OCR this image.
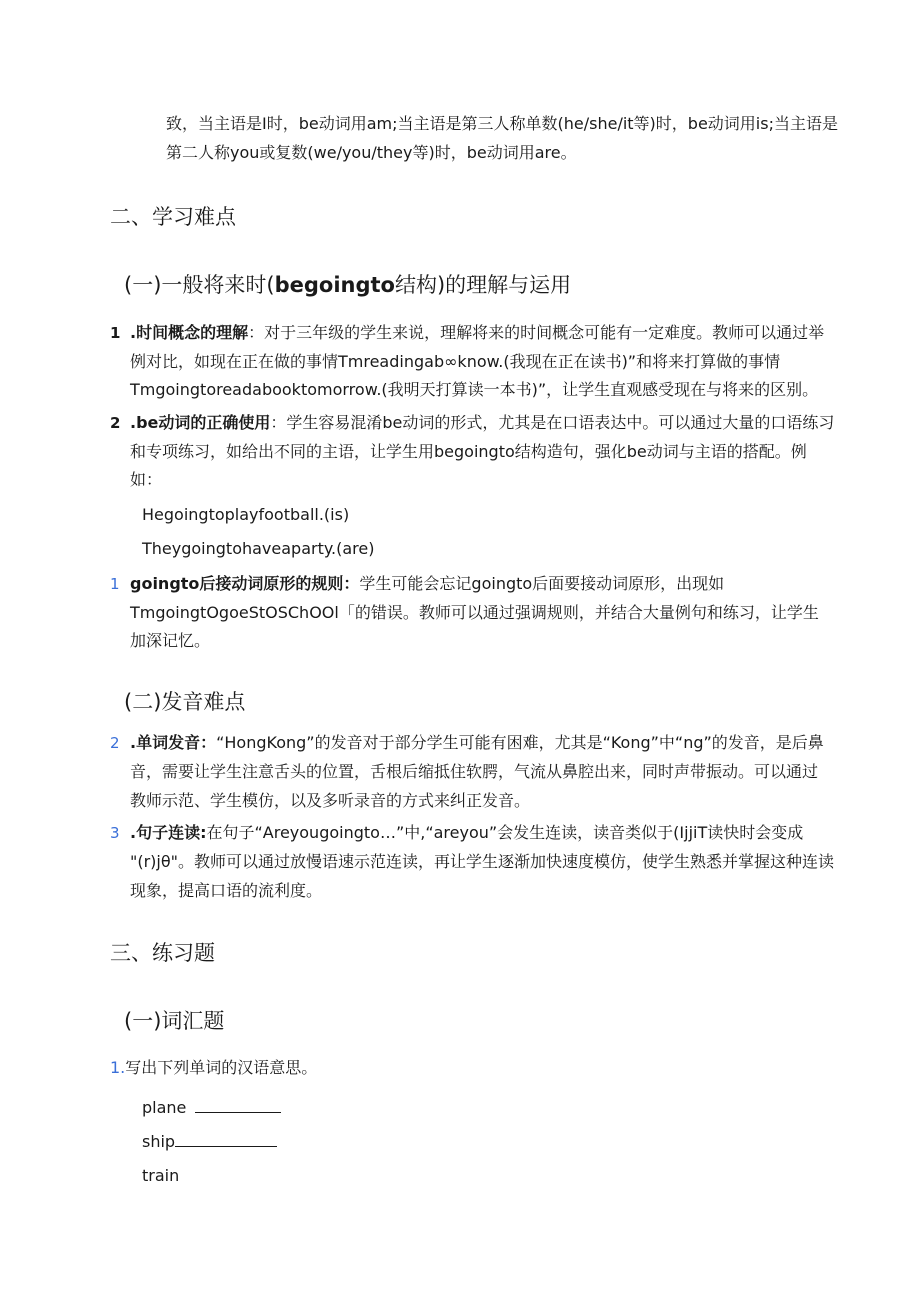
致，当主语是I时，be动词用am;当主语是第三人称单数(he/she/it等)时，be动词用is;当主语是
第二人称you或复数(we/you/they等)时，be动词用are。
二、学习难点
(一)一般将来时(begoingto结构)的理解与运用
1 .时间概念的理解：对于三年级的学生来说，理解将来的时间概念可能有一定难度。教师可以通过举
例对比，如现在正在做的事情Tmreadingab∞know.(我现在正在读书)”和将来打算做的事情
Tmgoingtoreadabooktomorrow.(我明天打算读一本书)”，让学生直观感受现在与将来的区别。
2 .be动词的正确使用：学生容易混淆be动词的形式，尤其是在口语表达中。可以通过大量的口语练习
和专项练习，如给出不同的主语，让学生用begoingto结构造句，强化be动词与主语的搭配。例
如：
Hegoingtoplayfootball.(is)
Theygoingtohaveaparty.(are)
1 goingto后接动词原形的规则：学生可能会忘记goingto后面要接动词原形，出现如
TmgoingtOgoeStOSChOOl「的错误。教师可以通过强调规则，并结合大量例句和练习，让学生
加深记忆。
(二)发音难点
2 .单词发音：“HongKong”的发音对于部分学生可能有困难，尤其是“Kong”中“ng”的发音，是后鼻
音，需要让学生注意舌头的位置，舌根后缩抵住软腭，气流从鼻腔出来，同时声带振动。可以通过
教师示范、学生模仿，以及多听录音的方式来纠正发音。
3 .句子连读:在句子“Areyougoingto…”中,“areyou”会发生连读，读音类似于(IjjiT读快时会变成
"(r)jθ"。教师可以通过放慢语速示范连读，再让学生逐渐加快速度模仿，使学生熟悉并掌握这种连读
现象，提高口语的流利度。
三、练习题
(一)词汇题
1.写出下列单词的汉语意思。
plane
ship
train
